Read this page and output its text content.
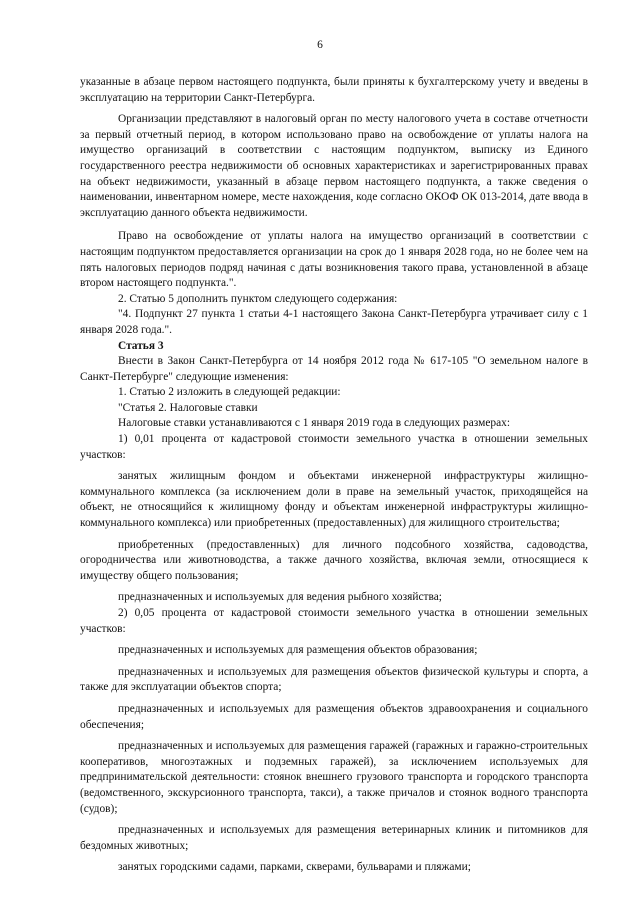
6

указанные в абзаце первом настоящего подпункта, были приняты к бухгалтерскому учету и введены в эксплуатацию на территории Санкт-Петербурга.

Организации представляют в налоговый орган по месту налогового учета в составе отчетности за первый отчетный период, в котором использовано право на освобождение от уплаты налога на имущество организаций в соответствии с настоящим подпунктом, выписку из Единого государственного реестра недвижимости об основных характеристиках и зарегистрированных правах на объект недвижимости, указанный в абзаце первом настоящего подпункта, а также сведения о наименовании, инвентарном номере, месте нахождения, коде согласно ОКОФ ОК 013-2014, дате ввода в эксплуатацию данного объекта недвижимости.

Право на освобождение от уплаты налога на имущество организаций в соответствии с настоящим подпунктом предоставляется организации на срок до 1 января 2028 года, но не более чем на пять налоговых периодов подряд начиная с даты возникновения такого права, установленной в абзаце втором настоящего подпункта.".

2. Статью 5 дополнить пунктом следующего содержания:

"4. Подпункт 27 пункта 1 статьи 4-1 настоящего Закона Санкт-Петербурга утрачивает силу с 1 января 2028 года.".

Статья 3

Внести в Закон Санкт-Петербурга от 14 ноября 2012 года № 617-105 "О земельном налоге в Санкт-Петербурге" следующие изменения:

1. Статью 2 изложить в следующей редакции:

"Статья 2. Налоговые ставки

Налоговые ставки устанавливаются с 1 января 2019 года в следующих размерах:

1) 0,01 процента от кадастровой стоимости земельного участка в отношении земельных участков:

занятых жилищным фондом и объектами инженерной инфраструктуры жилищно-коммунального комплекса (за исключением доли в праве на земельный участок, приходящейся на объект, не относящийся к жилищному фонду и объектам инженерной инфраструктуры жилищно-коммунального комплекса) или приобретенных (предоставленных) для жилищного строительства;

приобретенных (предоставленных) для личного подсобного хозяйства, садоводства, огородничества или животноводства, а также дачного хозяйства, включая земли, относящиеся к имуществу общего пользования;

предназначенных и используемых для ведения рыбного хозяйства;

2) 0,05 процента от кадастровой стоимости земельного участка в отношении земельных участков:

предназначенных и используемых для размещения объектов образования;

предназначенных и используемых для размещения объектов физической культуры и спорта, а также для эксплуатации объектов спорта;

предназначенных и используемых для размещения объектов здравоохранения и социального обеспечения;

предназначенных и используемых для размещения гаражей (гаражных и гаражно-строительных кооперативов, многоэтажных и подземных гаражей), за исключением используемых для предпринимательской деятельности: стоянок внешнего грузового транспорта и городского транспорта (ведомственного, экскурсионного транспорта, такси), а также причалов и стоянок водного транспорта (судов);

предназначенных и используемых для размещения ветеринарных клиник и питомников для бездомных животных;

занятых городскими садами, парками, скверами, бульварами и пляжами;
